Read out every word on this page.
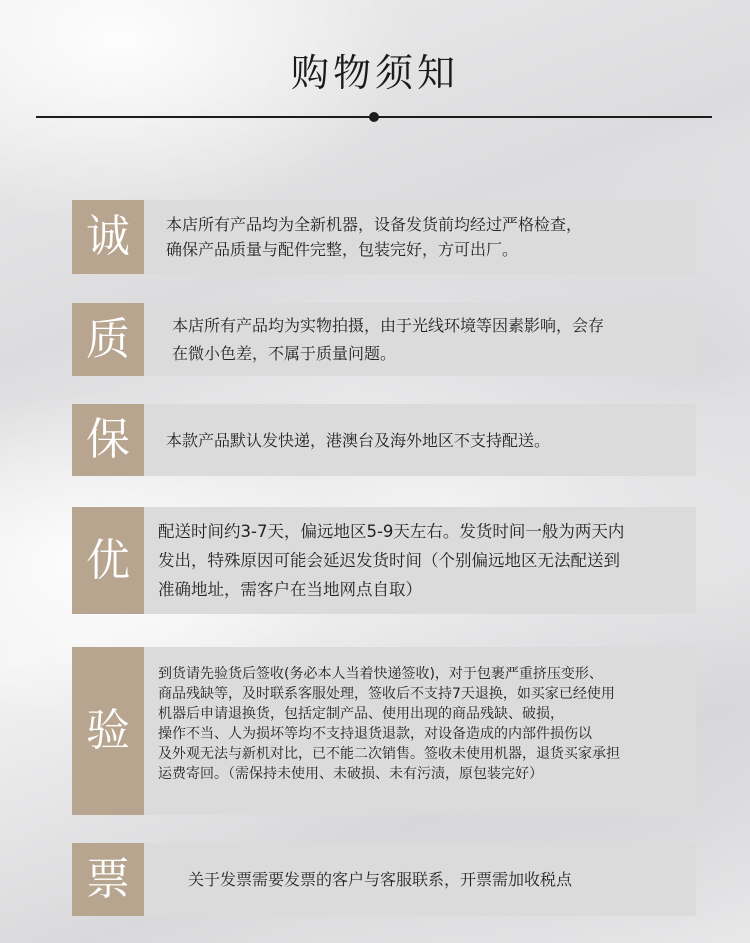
购物须知
诚 本店所有产品均为全新机器，设备发货前均经过严格检查，
确保产品质量与配件完整，包装完好，方可出厂。

质	本店所有产品均为实物拍摄，由于光线环境等因素影响，会存
在微小色差，不属于质量问题。

保 本款产品默认发快递，港澳台及海外地区不支持配送。

优

配送时间约3-7天，偏远地区5-9天左右。发货时间一般为两天内
发出，特殊原因可能会延迟发货时间（个别偏远地区无法配送到
准确地址，需客户在当地网点自取）

验

到货请先验货后签收(务必本人当着快递签收)，对于包裹严重挤压变形、
商品残缺等，及时联系客服处理，签收后不支持7天退换，如买家已经使用
机器后申请退换货，包括定制产品、使用出现的商品残缺、破损，
操作不当、人为损坏等均不支持退货退款，对设备造成的内部件损伤以
及外观无法与新机对比，已不能二次销售。签收未使用机器，退货买家承担
运费寄回。（需保持未使用、未破损、未有污渍，原包装完好）

票	关于发票需要发票的客户与客服联系，开票需加收税点
